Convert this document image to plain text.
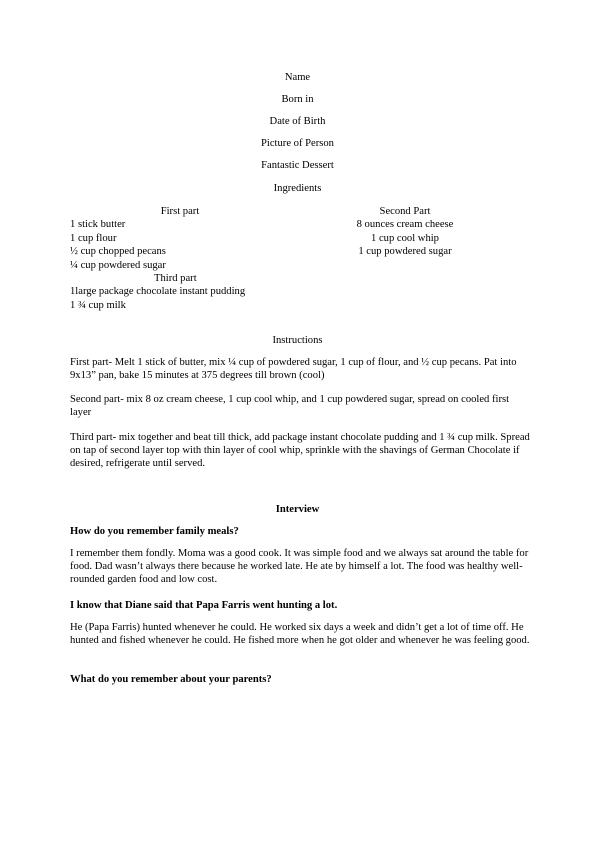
Name
Born in
Date of Birth
Picture of Person
Fantastic Dessert
Ingredients
First part
1 stick butter
1 cup flour
½ cup chopped pecans
¼ cup powdered sugar
Third part
1large package chocolate instant pudding
1 ¾ cup milk
Second Part
8 ounces cream cheese
1 cup cool whip
1 cup powdered sugar
Instructions
First part- Melt 1 stick of butter, mix ¼ cup of powdered sugar, 1 cup of flour, and ½ cup pecans. Pat into 9x13” pan, bake 15 minutes at 375 degrees till brown (cool)
Second part- mix 8 oz cream cheese, 1 cup cool whip, and 1 cup powdered sugar, spread on cooled first layer
Third part- mix together and beat till thick, add package instant chocolate pudding and 1 ¾ cup milk. Spread on tap of second layer top with thin layer of cool whip, sprinkle with the shavings of German Chocolate if desired, refrigerate until served.
Interview
How do you remember family meals?
I remember them fondly. Moma was a good cook. It was simple food and we always sat around the table for food. Dad wasn’t always there because he worked late. He ate by himself a lot. The food was healthy well-rounded garden food and low cost.
I know that Diane said that Papa Farris went hunting a lot.
He (Papa Farris) hunted whenever he could. He worked six days a week and didn’t get a lot of time off. He hunted and fished whenever he could. He fished more when he got older and whenever he was feeling good.
What do you remember about your parents?
